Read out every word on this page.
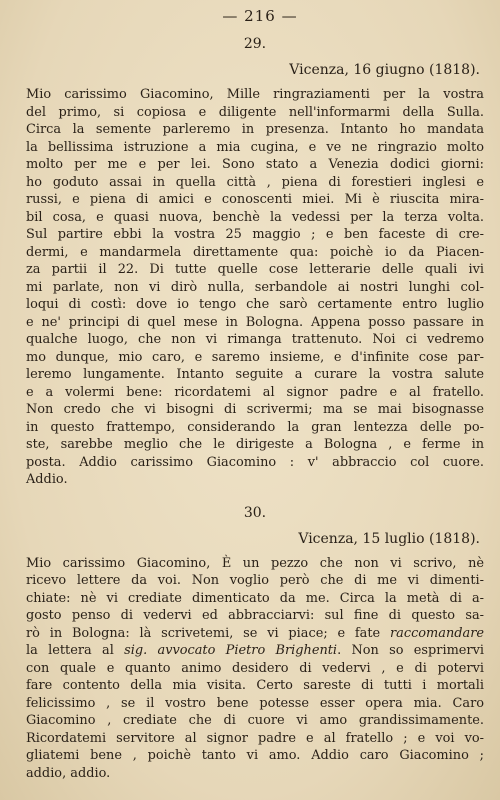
— 216 —
29.
Vicenza, 16 giugno (1818).
Mio carissimo Giacomino, Mille ringraziamenti per la vostra
del primo, si copiosa e diligente nell'informarmi della Sulla.
Circa la semente parleremo in presenza. Intanto ho mandata
la bellissima istruzione a mia cugina, e ve ne ringrazio molto
molto per me e per lei. Sono stato a Venezia dodici giorni:
ho goduto assai in quella città , piena di forestieri inglesi e
russi, e piena di amici e conoscenti miei. Mi è riuscita mira-
bil cosa, e quasi nuova, benchè la vedessi per la terza volta.
Sul partire ebbi la vostra 25 maggio ; e ben faceste di cre-
dermi, e mandarmela direttamente qua: poichè io da Piacen-
za partii il 22. Di tutte quelle cose letterarie delle quali ivi
mi parlate, non vi dirò nulla, serbandole ai nostri lunghi col-
loqui di costì: dove io tengo che sarò certamente entro luglio
e ne' principi di quel mese in Bologna. Appena posso passare in
qualche luogo, che non vi rimanga trattenuto. Noi ci vedremo
mo dunque, mio caro, e saremo insieme, e d'infinite cose par-
leremo lungamente. Intanto seguite a curare la vostra salute
e a volermi bene: ricordatemi al signor padre e al fratello.
Non credo che vi bisogni di scrivermi; ma se mai bisognasse
in questo frattempo, considerando la gran lentezza delle po-
ste, sarebbe meglio che le dirigeste a Bologna , e ferme in
posta. Addio carissimo Giacomino : v' abbraccio col cuore.
Addio.
30.
Vicenza, 15 luglio (1818).
Mio carissimo Giacomino, È un pezzo che non vi scrivo, nè
ricevo lettere da voi. Non voglio però che di me vi dimenti-
chiate: nè vi crediate dimenticato da me. Circa la metà di a-
gosto penso di vedervi ed abbracciarvi: sul fine di questo sa-
rò in Bologna: là scrivetemi, se vi piace; e fate raccomandare
la lettera al sig. avvocato Pietro Brighenti. Non so esprimervi
con quale e quanto animo desidero di vedervi , e di potervi
fare contento della mia visita. Certo sareste di tutti i mortali
felicissimo , se il vostro bene potesse esser opera mia. Caro
Giacomino , crediate che di cuore vi amo grandissimamente.
Ricordatemi servitore al signor padre e al fratello ; e voi vo-
gliatemi bene , poichè tanto vi amo. Addio caro Giacomino ;
addio, addio.
